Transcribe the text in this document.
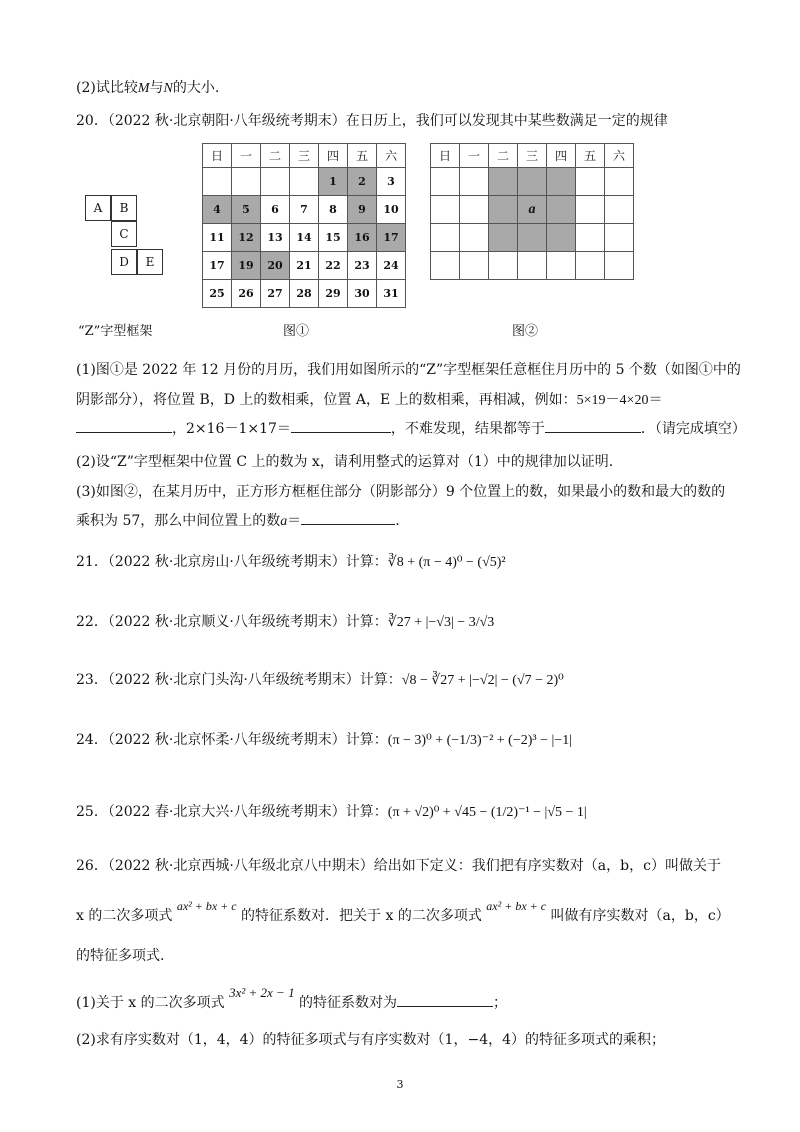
(2)试比较M与N的大小.
20．（2022 秋·北京朝阳·八年级统考期末）在日历上，我们可以发现其中某些数满足一定的规律
A	B
C
D	E
“Z”字型框架
日	一	二	三	四	五	六
				1	2	3
4	5	6	7	8	9	10
11	12	13	14	15	16	17
17	19	20	21	22	23	24
25	26	27	28	29	30	31
图①
日	一	二	三	四	五	六

			a			

图②
(1)图①是 2022 年 12 月份的月历，我们用如图所示的“Z”字型框架任意框住月历中的 5 个数（如图①中的
阴影部分），将位置 B，D 上的数相乘，位置 A，E 上的数相乘，再相减，例如：5×19－4×20＝
，2×16－1×17＝	，不难发现，结果都等于	．（请完成填空）
(2)设“Z”字型框架中位置 C 上的数为 x，请利用整式的运算对（1）中的规律加以证明.
(3)如图②，在某月历中，正方形方框框住部分（阴影部分）9 个位置上的数，如果最小的数和最大的数的
乘积为 57，那么中间位置上的数a＝	.
21．（2022 秋·北京房山·八年级统考期末）计算：∛8 + (π − 4)⁰ − (√5)²
22．（2022 秋·北京顺义·八年级统考期末）计算：∛27 + |−√3| − 3/√3
23．（2022 秋·北京门头沟·八年级统考期末）计算：√8 − ∛27 + |−√2| − (√7 − 2)⁰
24．（2022 秋·北京怀柔·八年级统考期末）计算：(π − 3)⁰ + (−1/3)⁻² + (−2)³ − |−1|
25．（2022 春·北京大兴·八年级统考期末）计算：(π + √2)⁰ + √45 − (1/2)⁻¹ − |√5 − 1|
26．（2022 秋·北京西城·八年级北京八中期末）给出如下定义：我们把有序实数对（a，b，c）叫做关于
x 的二次多项式 ax² + bx + c 的特征系数对．把关于 x 的二次多项式 ax² + bx + c 叫做有序实数对（a，b，c）
的特征多项式.
(1)关于 x 的二次多项式 3x² + 2x − 1 的特征系数对为	；
(2)求有序实数对（1，4，4）的特征多项式与有序实数对（1，−4，4）的特征多项式的乘积；
3
